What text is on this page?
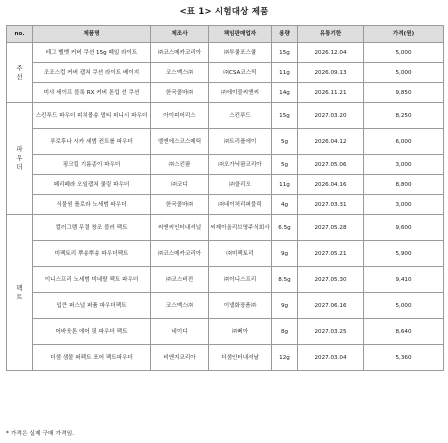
<표 1> 시험대상 제품
no.	제품명	제조사	책임판매업자	용량	유통기한	가격(원)
주
선	테그 벨벳 커버 쿠션 15g 페일 라이트	㈜코스메카코리아	㈜투쿨포스쿨	15g	2026.12.04	5,000
	조조스컵 커버 캡쳐 쿠션 라이트 베이지	코스맥스㈜	㈜CSA코스믹	11g	2026.09.13	5,000
	미샤 세이프 블록 RX 커버 톤업 선 쿠션	한국콜마㈜	㈜에이블씨엔씨	14g	2026.11.21	9,850
파
우
더	스킨푸드 파우더 피치볼송 멀티 피니시 파우더	아이피어리스	스킨푸드	15g	2027.03.20	8,250
	푸로후나 시카 세범 컨트롤 파우더	엘앤에스코스메틱	㈜트리플에이	5g	2026.04.12	6,000
	핑크킬 기름종이 파우더	㈜스킨팜	㈜오가닉팜코리아	5g	2027.05.06	3,000
	페리페라 오일캡쳐 쿨링 파우더	㈜코디	㈜클리오	11g	2026.04.16	8,800
	식물원 플로라 노세범 파우더	한국콜마㈜	㈜네이처리퍼블릭	4g	2027.03.31	3,000
팩
트	컬러그램 무결 창조 블러 팩트	씨앤씨인터내셔널	씨제이올리브영주식회사	6.5g	2027.05.28	9,600
	미팩토리 뿌송뿌송 파우더팩트	㈜코스메카코리아	㈜미팩토리	9g	2027.05.21	5,900
	이니스프리 노세범 미네랄 팩트 파우더	㈜코스비전	㈜이니스프리	8.5g	2027.05.30	9,410
	입큰 퍼스널 퍼퓸 파우더팩트	코스맥스㈜	이넬화장품㈜	9g	2027.06.16	5,000
	어바웃톤 에어 핏 파우더 팩트	네이디	㈜삐아	8g	2027.03.25	8,640
	더샘 샘물 퍼펙트 포어 팩트파우더	비앤지코리아	더샘인터내셔날	12g	2027.03.04	5,360
* 가격은 실제 구매 가격임.
